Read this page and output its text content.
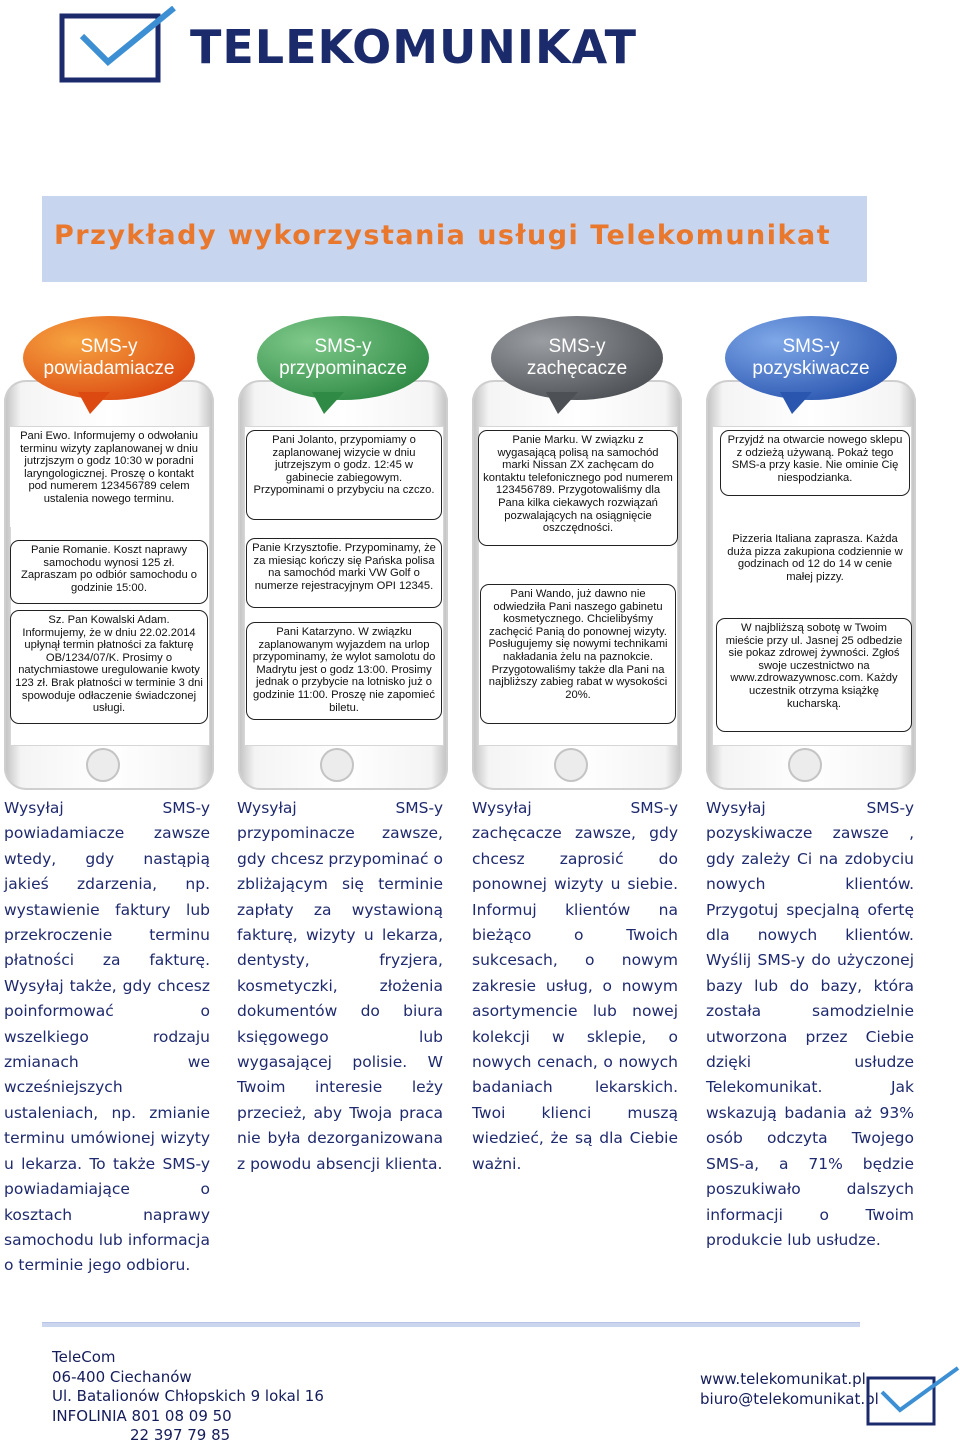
TELEKOMUNIKAT
Przykłady wykorzystania usługi Telekomunikat
SMS-y
powiadamiacze
Pani Ewo. Informujemy o odwołaniu terminu wizyty zaplanowanej w dniu jutrzjszym o godz 10:30 w poradni laryngologicznej. Proszę o kontakt pod numerem 123456789 celem ustalenia nowego terminu.
Panie Romanie. Koszt naprawy samochodu wynosi 125 zł. Zapraszam po odbiór samochodu o godzinie 15:00.
Sz. Pan Kowalski Adam. Informujemy, że w dniu 22.02.2014 upłynął termin płatności za fakturę OB/1234/07/K. Prosimy o natychmiastowe uregulowanie kwoty 123 zł. Brak płatności w terminie 3 dni spowoduje odłaczenie świadczonej usługi.
SMS-y
przypominacze
Pani Jolanto, przypomiamy o zaplanowanej wizycie w dniu jutrzejszym o godz. 12:45 w gabinecie zabiegowym. Przypominami o przybyciu na czczo.
Panie Krzysztofie. Przypominamy, że za miesiąc kończy się Pańska polisa na samochód marki VW Golf o numerze rejestracyjnym OPI 12345.
Pani Katarzyno. W związku zaplanowanym wyjazdem na urlop przypominamy, że wylot samolotu do Madrytu jest o godz 13:00. Prosimy jednak o przybycie na lotnisko już o godzinie 11:00. Proszę nie zapomieć biletu.
SMS-y
zachęcacze
Panie Marku. W związku z wygasającą polisą na samochód marki Nissan ZX zachęcam do kontaktu telefonicznego pod numerem 123456789. Przygotowaliśmy dla Pana kilka ciekawych rozwiązań pozwalających na osiągnięcie oszczędności.
Pani Wando, już dawno nie odwiedziła Pani naszego gabinetu kosmetycznego. Chcielibyśmy zachęcić Panią do ponownej wizyty. Posługujemy się nowymi technikami nakładania żelu na paznokcie. Przygotowaliśmy także dla Pani na najbliższy zabieg rabat w wysokości 20%.
SMS-y
pozyskiwacze
Przyjdź na otwarcie nowego sklepu z odzieżą używaną. Pokaż tego SMS-a przy kasie. Nie ominie Cię niespodzianka.
Pizzeria Italiana zaprasza. Każda duża pizza zakupiona codziennie w godzinach od 12 do 14 w cenie małej pizzy.
W najbliższą sobotę w Twoim mieście przy ul. Jasnej 25 odbedzie sie pokaz zdrowej żywności. Zgłoś swoje uczestnictwo na www.zdrowazywnosc.com. Każdy uczestnik otrzyma książkę kucharską.
Wysyłaj SMS-y powiadamiacze zawsze wtedy, gdy nastąpią jakieś zdarzenia, np. wystawienie faktury lub przekroczenie terminu płatności za fakturę. Wysyłaj także, gdy chcesz poinformować o wszelkiego rodzaju zmianach we wcześniejszych ustaleniach, np. zmianie terminu umówionej wizyty u lekarza. To także SMS-y powiadamiające o kosztach naprawy samochodu lub informacja o terminie jego odbioru.
Wysyłaj SMS-y przypominacze zawsze, gdy chcesz przypominać o zbliżającym się terminie zapłaty za wystawioną fakturę, wizyty u lekarza, dentysty, fryzjera, kosmetyczki, złożenia dokumentów do biura księgowego lub wygasającej polisie. W Twoim interesie leży przecież, aby Twoja praca nie była dezorganizowana z powodu absencji klienta.
Wysyłaj SMS-y zachęcacze zawsze, gdy chcesz zaprosić do ponownej wizyty u siebie. Informuj klientów na bieżąco o Twoich sukcesach, o nowym zakresie usług, o nowym asortymencie lub nowej kolekcji w sklepie, o nowych cenach, o nowych badaniach lekarskich. Twoi klienci muszą wiedzieć, że są dla Ciebie ważni.
Wysyłaj SMS-y pozyskiwacze zawsze , gdy zależy Ci na zdobyciu nowych klientów. Przygotuj specjalną ofertę dla nowych klientów. Wyślij SMS-y do użyczonej bazy lub do bazy, która została samodzielnie utworzona przez Ciebie dzięki usłudze Telekomunikat. Jak wskazują badania aż 93% osób odczyta Twojego SMS-a, a 71% będzie poszukiwało dalszych informacji o Twoim produkcie lub usłudze.
TeleCom
06-400 Ciechanów
Ul. Batalionów Chłopskich 9 lokal 16
INFOLINIA 801 08 09 50
22 397 79 85
www.telekomunikat.pl
biuro@telekomunikat.pl
